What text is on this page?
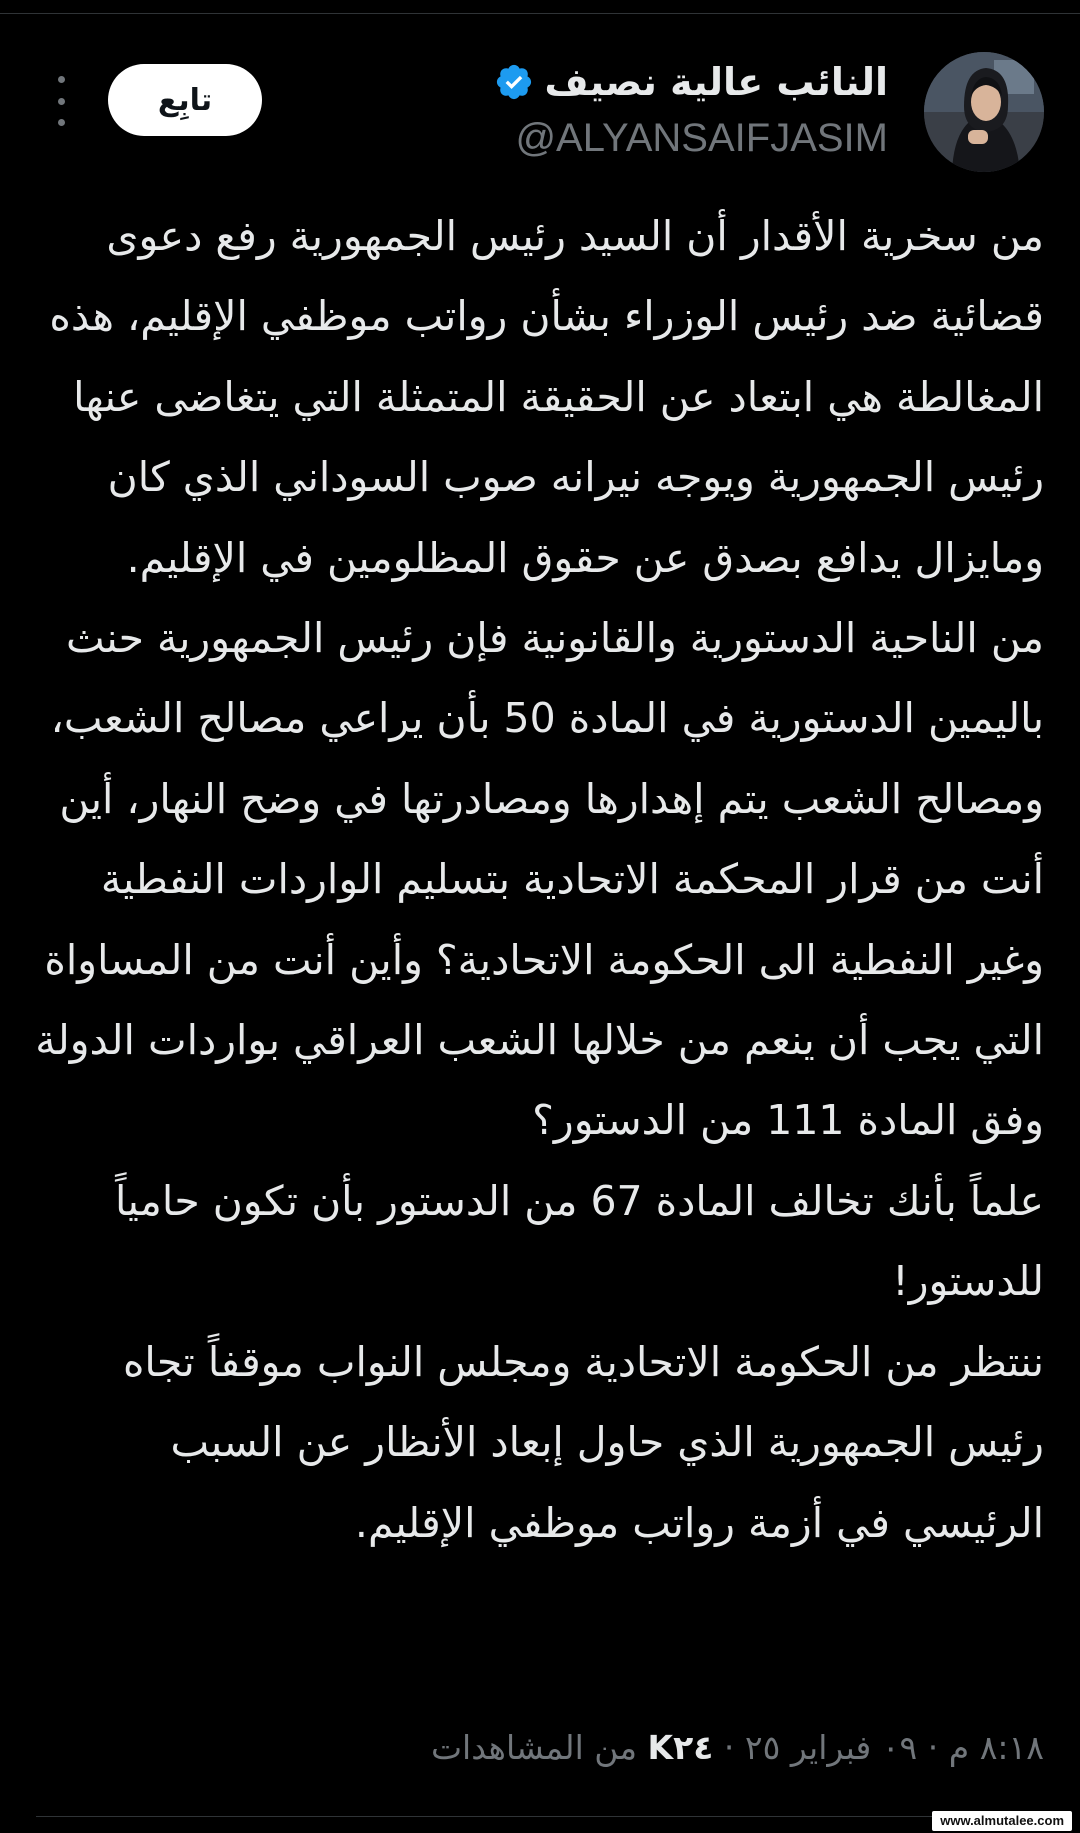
النائب عالية نصيف
@ALYANSAIFJASIM
تابِع

من سخرية الأقدار أن السيد رئيس الجمهورية رفع دعوى قضائية ضد رئيس الوزراء بشأن رواتب موظفي الإقليم، هذه المغالطة هي ابتعاد عن الحقيقة المتمثلة التي يتغاضى عنها رئيس الجمهورية ويوجه نيرانه صوب السوداني الذي كان ومايزال يدافع بصدق عن حقوق المظلومين في الإقليم.

من الناحية الدستورية والقانونية فإن رئيس الجمهورية حنث باليمين الدستورية في المادة 50 بأن يراعي مصالح الشعب، ومصالح الشعب يتم إهدارها ومصادرتها في وضح النهار، أين أنت من قرار المحكمة الاتحادية بتسليم الواردات النفطية وغير النفطية الى الحكومة الاتحادية؟ وأين أنت من المساواة التي يجب أن ينعم من خلالها الشعب العراقي بواردات الدولة وفق المادة 111 من الدستور؟

علماً بأنك تخالف المادة 67 من الدستور بأن تكون حامياً للدستور!

ننتظر من الحكومة الاتحادية ومجلس النواب موقفاً تجاه رئيس الجمهورية الذي حاول إبعاد الأنظار عن السبب الرئيسي في أزمة رواتب موظفي الإقليم.

٨:١٨ م · ٠٩ فبراير ٢٥ · K٢٤ من المشاهدات
www.almutalee.com
